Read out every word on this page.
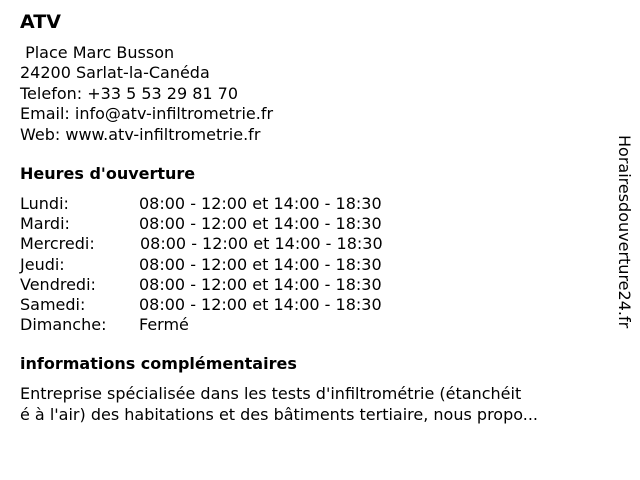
ATV
Place Marc Busson
24200 Sarlat-la-Canéda
Telefon: +33 5 53 29 81 70
Email: info@atv-infiltrometrie.fr
Web: www.atv-infiltrometrie.fr
Heures d'ouverture
Lundi:	08:00 - 12:00 et 14:00 - 18:30
Mardi:	08:00 - 12:00 et 14:00 - 18:30
Mercredi:	08:00 - 12:00 et 14:00 - 18:30
Jeudi:	08:00 - 12:00 et 14:00 - 18:30
Vendredi:	08:00 - 12:00 et 14:00 - 18:30
Samedi:	08:00 - 12:00 et 14:00 - 18:30
Dimanche: Fermé
informations complémentaires
Entreprise spécialisée dans les tests d'infiltrométrie (étanchéit
é à l'air) des habitations et des bâtiments tertiaire, nous propo...
Horairesdouverture24.fr
